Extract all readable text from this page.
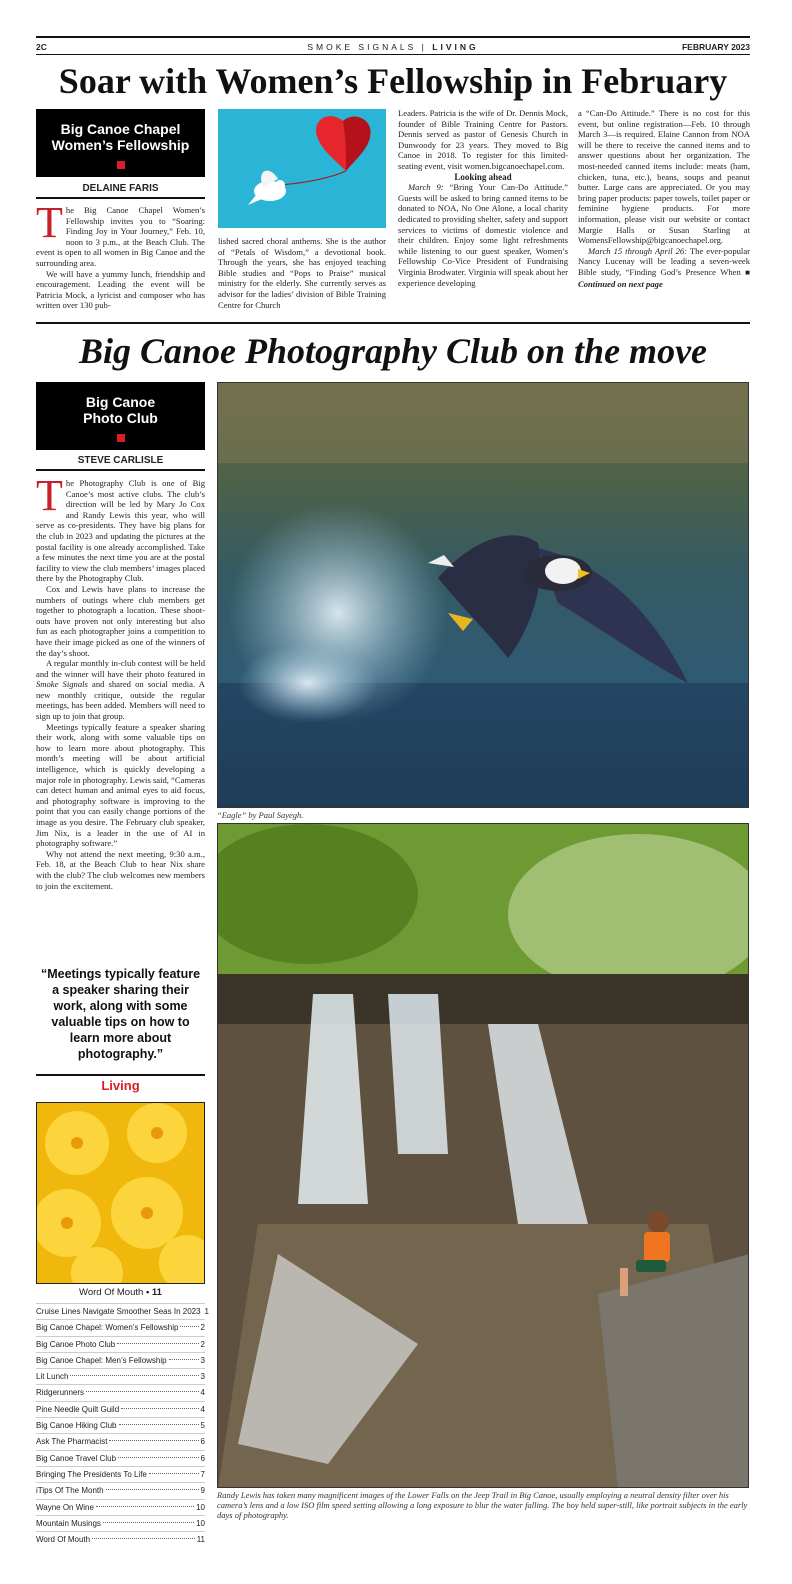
2C	SMOKE SIGNALS | LIVING	FEBRUARY 2023
Soar with Women’s Fellowship in February
Big Canoe Chapel
Women’s Fellowship
DELAINE FARIS

The Big Canoe Chapel Women’s Fellowship invites you to “Soaring: Finding Joy in Your Journey,” Feb. 10, noon to 3 p.m., at the Beach Club. The event is open to all women in Big Canoe and the surrounding area.

We will have a yummy lunch, friendship and encouragement. Leading the event will be Patricia Mock, a lyricist and composer who has written over 130 pub-

lished sacred choral anthems. She is the author of “Petals of Wisdom,” a devotional book. Through the years, she has enjoyed teaching Bible studies and “Pops to Praise” musical ministry for the elderly. She currently serves as advisor for the ladies’ division of Bible Training Centre for Church

Leaders. Patricia is the wife of Dr. Dennis Mock, founder of Bible Training Centre for Pastors. Dennis served as pastor of Genesis Church in Dunwoody for 23 years. They moved to Big Canoe in 2018. To register for this limited-seating event, visit women.bigcanoechapel.com.

Looking ahead

March 9: “Bring Your Can-Do Attitude.” Guests will be asked to bring canned items to be donated to NOA, No One Alone, a local charity dedicated to providing shelter, safety and support services to victims of domestic violence and their children. Enjoy some light refreshments while listening to our guest speaker, Women’s Fellowship Co-Vice President of Fundraising Virginia Brodwater. Virginia will speak about her experience developing

a “Can-Do Attitude.” There is no cost for this event, but online registration—Feb. 10 through March 3—is required. Elaine Cannon from NOA will be there to receive the canned items and to answer questions about her organization. The most-needed canned items include: meats (ham, chicken, tuna, etc.), beans, soups and peanut butter. Large cans are appreciated. Or you may bring paper products: paper towels, toilet paper or feminine hygiene products. For more information, please visit our website or contact Margie Halls or Susan Starling at WomensFellowship@bigcanoechapel.org.

March 15 through April 26: The ever-popular Nancy Lucenay will be leading a seven-week Bible study, “Finding God’s Presence When ■ Continued on next page

Big Canoe Photography Club on the move
Big Canoe
Photo Club
STEVE CARLISLE

The Photography Club is one of Big Canoe’s most active clubs. The club’s direction will be led by Mary Jo Cox and Randy Lewis this year, who will serve as co-presidents. They have big plans for the club in 2023 and updating the pictures at the postal facility is one already accomplished. Take a few minutes the next time you are at the postal facility to view the club members’ images placed there by the Photography Club.

Cox and Lewis have plans to increase the numbers of outings where club members get together to photograph a location. These shoot-outs have proven not only interesting but also fun as each photographer joins a competition to have their image picked as one of the winners of the day’s shoot.

A regular monthly in-club contest will be held and the winner will have their photo featured in Smoke Signals and shared on social media. A new monthly critique, outside the regular meetings, has been added. Members will need to sign up to join that group.

Meetings typically feature a speaker sharing their work, along with some valuable tips on how to learn more about photography. This month’s meeting will be about artificial intelligence, which is quickly developing a major role in photography. Lewis said, “Cameras can detect human and animal eyes to aid focus, and photography software is improving to the point that you can easily change portions of the image as you desire. The February club speaker, Jim Nix, is a leader in the use of AI in photography software.”

Why not attend the next meeting, 9:30 a.m., Feb. 18, at the Beach Club to hear Nix share with the club? The club welcomes new members to join the excitement.

“Meetings typically feature a speaker sharing their work, along with some valuable tips on how to learn more about photography.”
“Eagle” by Paul Sayegh.
Randy Lewis has taken many magnificent images of the Lower Falls on the Jeep Trail in Big Canoe, usually employing a neutral density filter over his camera’s lens and a low ISO film speed setting allowing a long exposure to blur the water falling. The boy held super-still, like portrait subjects in the early days of photography.
Living
Word Of Mouth • 11
Cruise Lines Navigate Smoother Seas In 2023 1
Big Canoe Chapel: Women’s Fellowship	2
Big Canoe Photo Club	2
Big Canoe Chapel: Men’s Fellowship	3
Lit Lunch	3
Ridgerunners	4
Pine Needle Quilt Guild	4
Big Canoe Hiking Club	5
Ask The Pharmacist	6
Big Canoe Travel Club	6
Bringing The Presidents To Life	7
iTips Of The Month	9
Wayne On Wine	10
Mountain Musings	10
Word Of Mouth	11
